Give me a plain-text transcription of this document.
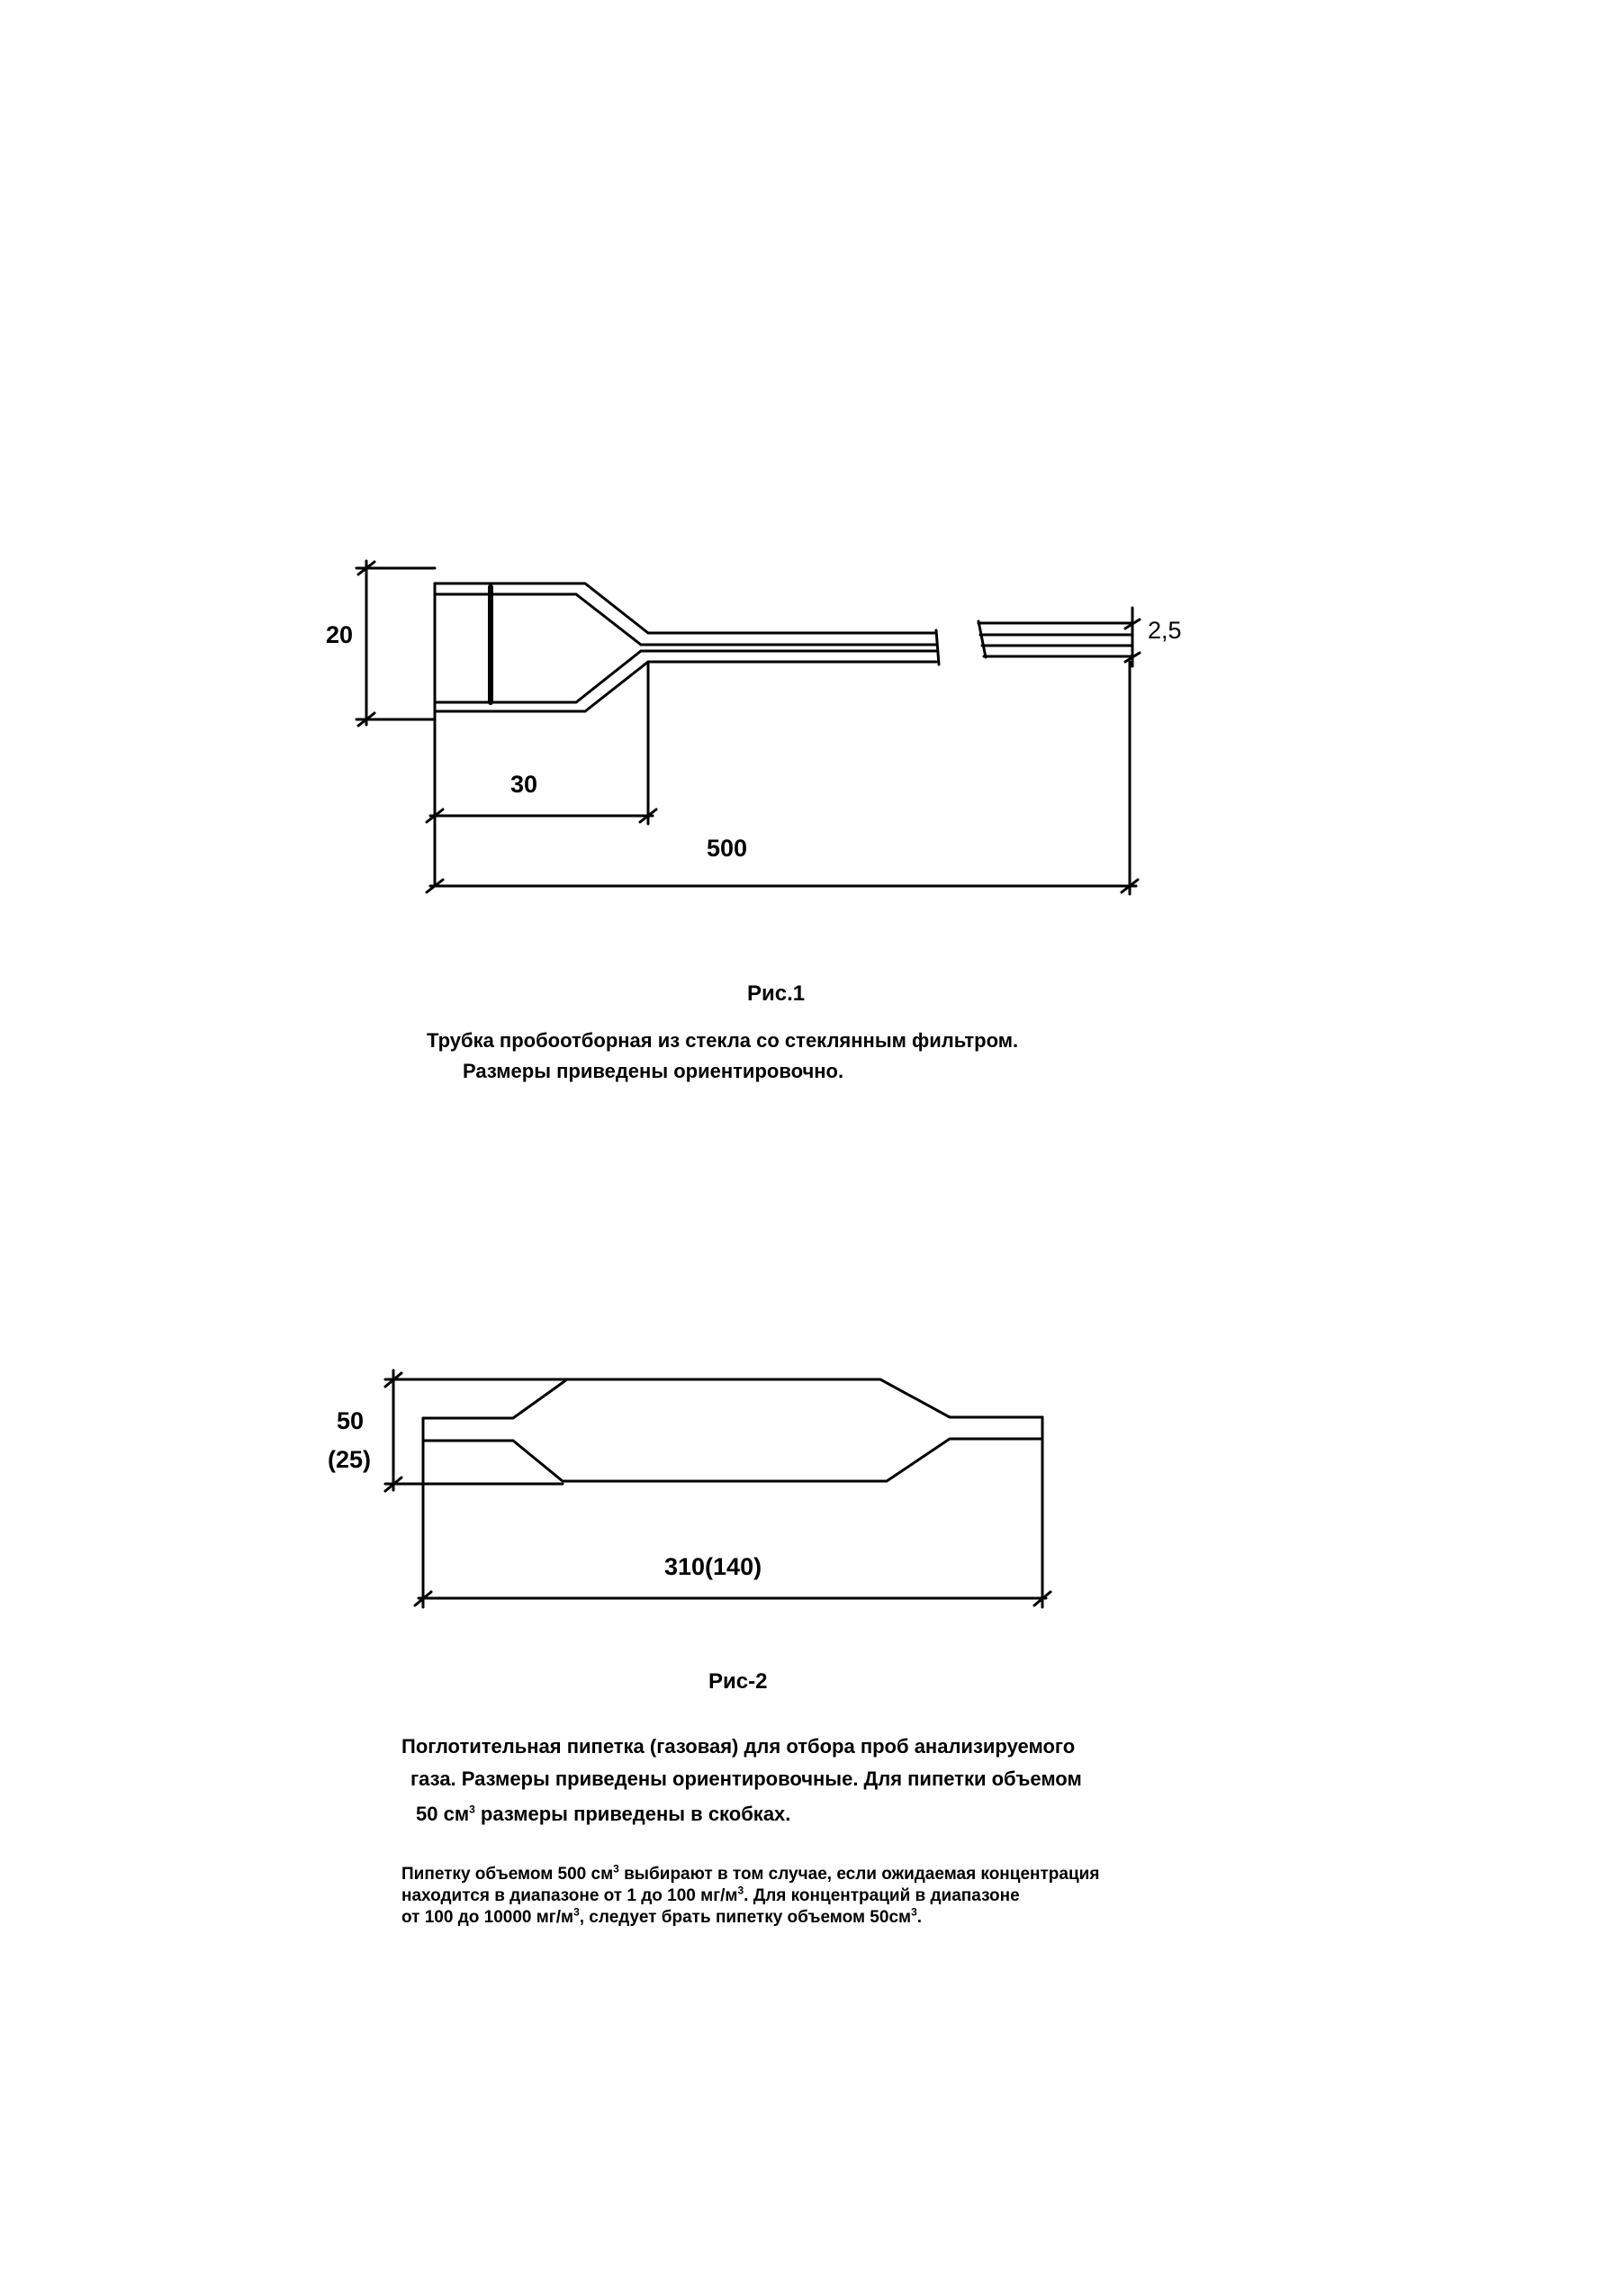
20	2,5
30
500
Рис.1
Трубка пробоотборная из стекла со стеклянным фильтром.
Размеры приведены ориентировочно.
50
(25)
310(140)
Рис-2
Поглотительная пипетка (газовая) для отбора проб анализируемого
газа. Размеры приведены ориентировочные. Для пипетки объемом
50 $см^3$ размеры приведены в скобках.
Пипетку объемом 500 $см^3$ выбирают в том случае, если ожидаемая концентрация
находится в диапазоне от 1 до 100 $мг/м^3$. Для концентраций в диапазоне
от 100 до 10000 $мг/м^3$, следует брать пипетку объемом $50см^3$.
